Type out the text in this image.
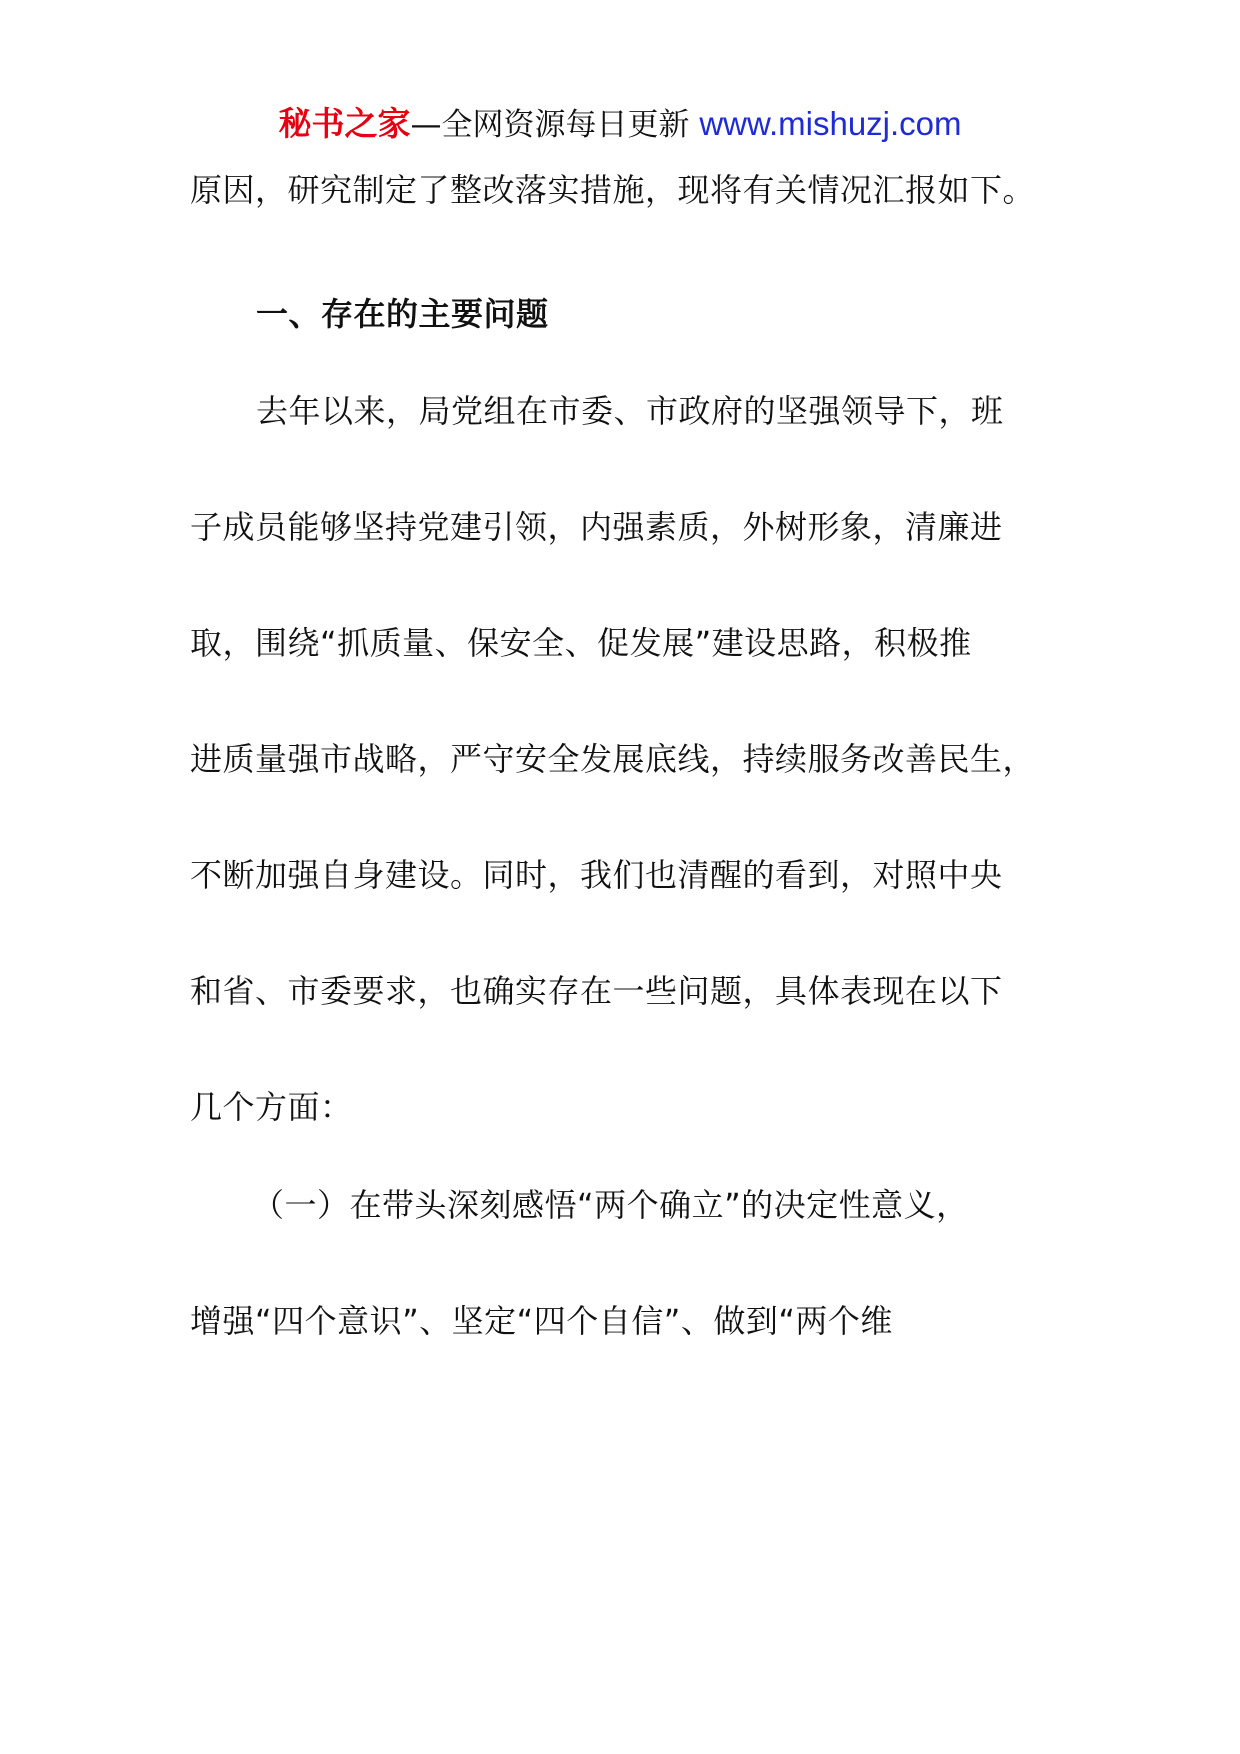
秘书之家—全网资源每日更新 www.mishuzj.com
原因，研究制定了整改落实措施，现将有关情况汇报如下。
一、存在的主要问题
去年以来，局党组在市委、市政府的坚强领导下，班
子成员能够坚持党建引领，内强素质，外树形象，清廉进
取，围绕“抓质量、保安全、促发展”建设思路，积极推
进质量强市战略，严守安全发展底线，持续服务改善民生，
不断加强自身建设。同时，我们也清醒的看到，对照中央
和省、市委要求，也确实存在一些问题，具体表现在以下
几个方面：
（一）在带头深刻感悟“两个确立”的决定性意义，
增强“四个意识”、坚定“四个自信”、做到“两个维
